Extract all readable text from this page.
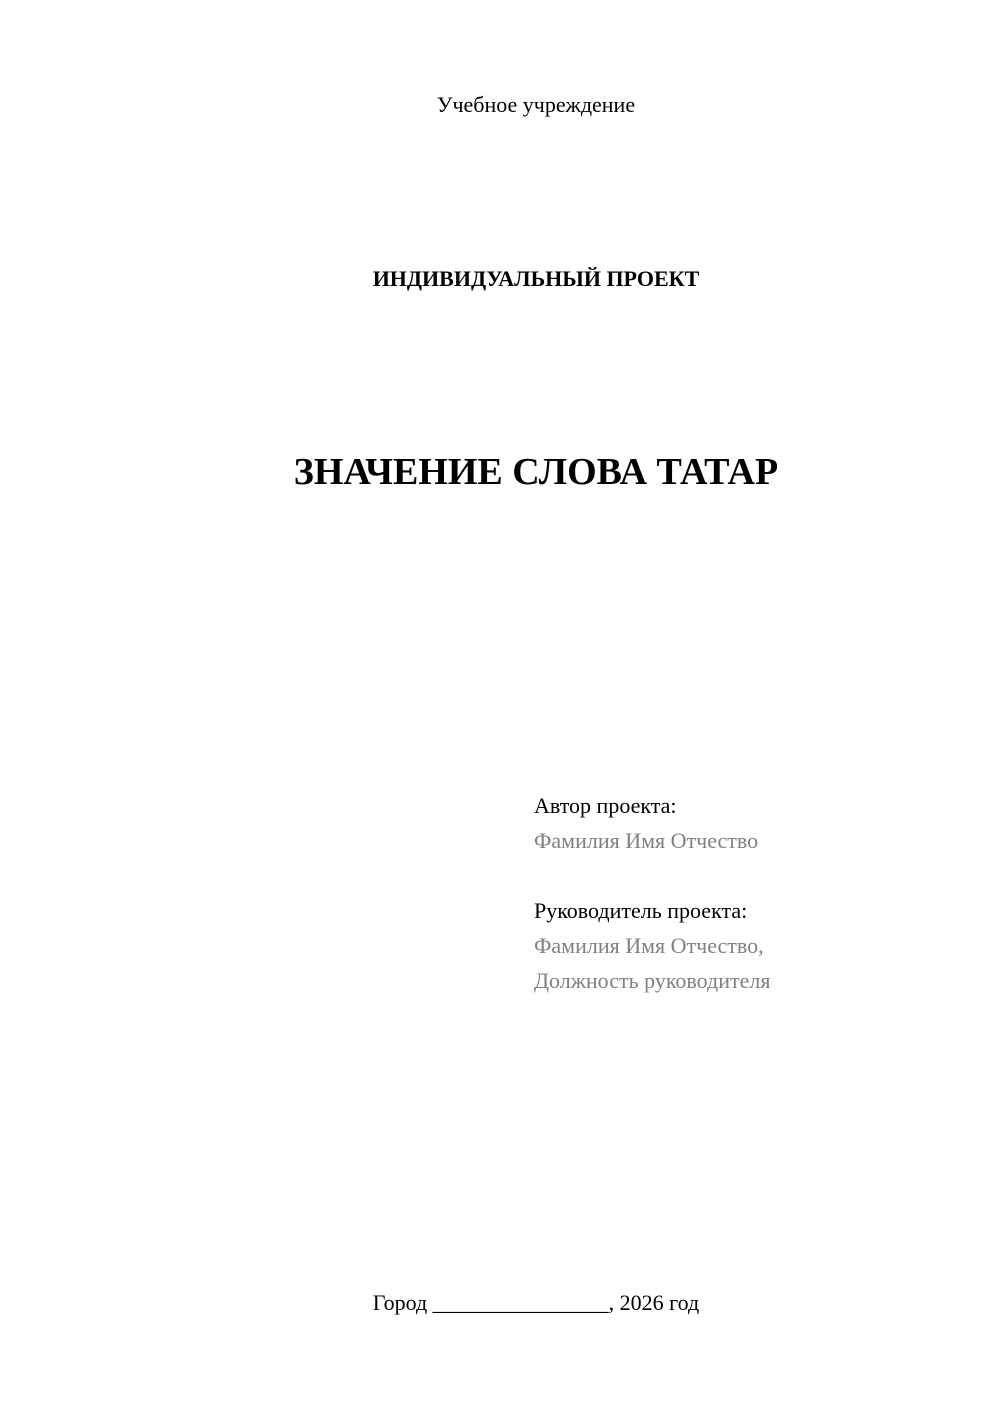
Учебное учреждение
ИНДИВИДУАЛЬНЫЙ ПРОЕКТ
ЗНАЧЕНИЕ СЛОВА ТАТАР
Автор проекта:
Фамилия Имя Отчество
Руководитель проекта:
Фамилия Имя Отчество,
Должность руководителя
Город ________________, 2026 год
